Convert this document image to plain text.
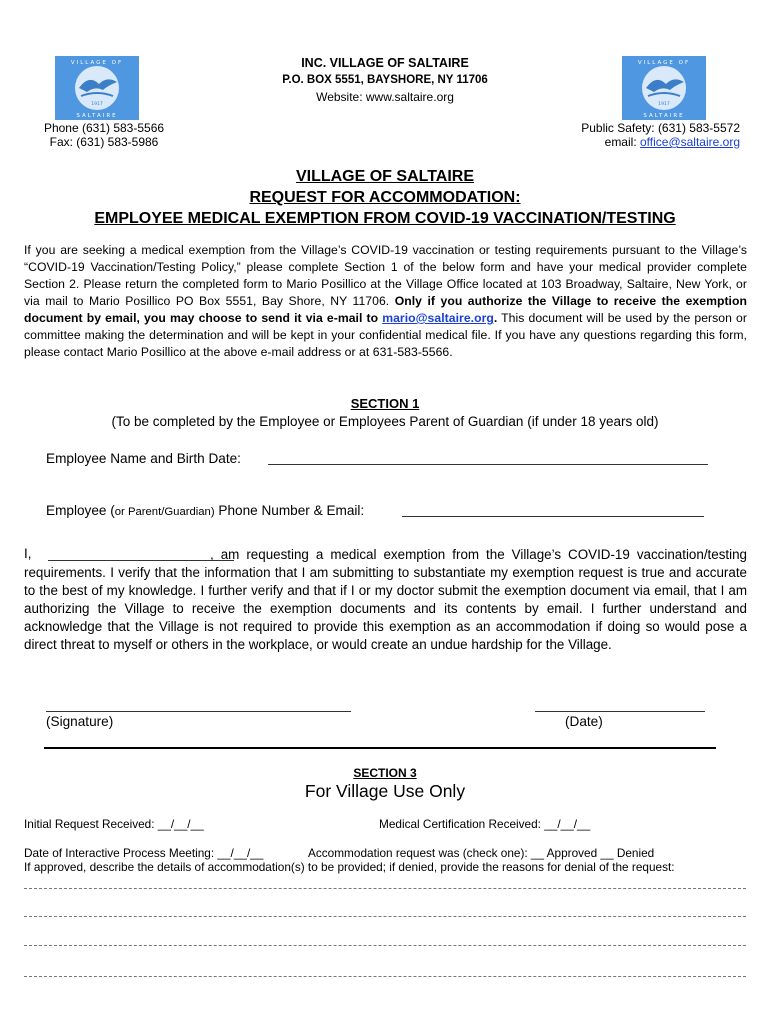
VILLAGE OF
1917
SALTAIRE
VILLAGE OF
1917
SALTAIRE
INC. VILLAGE OF SALTAIRE
P.O. BOX 5551, BAYSHORE, NY 11706
Website: www.saltaire.org
Phone (631) 583-5566
Fax: (631) 583-5986
Public Safety: (631) 583-5572
email: office@saltaire.org
VILLAGE OF SALTAIRE
REQUEST FOR ACCOMMODATION:
EMPLOYEE MEDICAL EXEMPTION FROM COVID-19 VACCINATION/TESTING
If you are seeking a medical exemption from the Village’s COVID-19 vaccination or testing requirements pursuant to the Village’s “COVID-19 Vaccination/Testing Policy,” please complete Section 1 of the below form and have your medical provider complete Section 2. Please return the completed form to Mario Posillico at the Village Office located at 103 Broadway, Saltaire, New York, or via mail to Mario Posillico PO Box 5551, Bay Shore, NY 11706. Only if you authorize the Village to receive the exemption document by email, you may choose to send it via e-mail to mario@saltaire.org. This document will be used by the person or committee making the determination and will be kept in your confidential medical file. If you have any questions regarding this form, please contact Mario Posillico at the above e-mail address or at 631-583-5566.
SECTION 1
(To be completed by the Employee or Employees Parent of Guardian (if under 18 years old)
Employee Name and Birth Date:
Employee (or Parent/Guardian) Phone Number & Email:
, am requesting a medical exemption from the Village’s COVID-19 vaccination/testing requirements. I verify that the information that I am submitting to substantiate my exemption request is true and accurate to the best of my knowledge. I further verify and that if I or my doctor submit the exemption document via email, that I am authorizing the Village to receive the exemption documents and its contents by email. I further understand and acknowledge that the Village is not required to provide this exemption as an accommodation if doing so would pose a direct threat to myself or others in the workplace, or would create an undue hardship for the Village.
I,
(Signature)	(Date)
SECTION 3
For Village Use Only
Initial Request Received: __/__/__	Medical Certification Received: __/__/__
Date of Interactive Process Meeting: __/__/__	Accommodation request was (check one): __ Approved __ Denied
If approved, describe the details of accommodation(s) to be provided; if denied, provide the reasons for denial of the request:
